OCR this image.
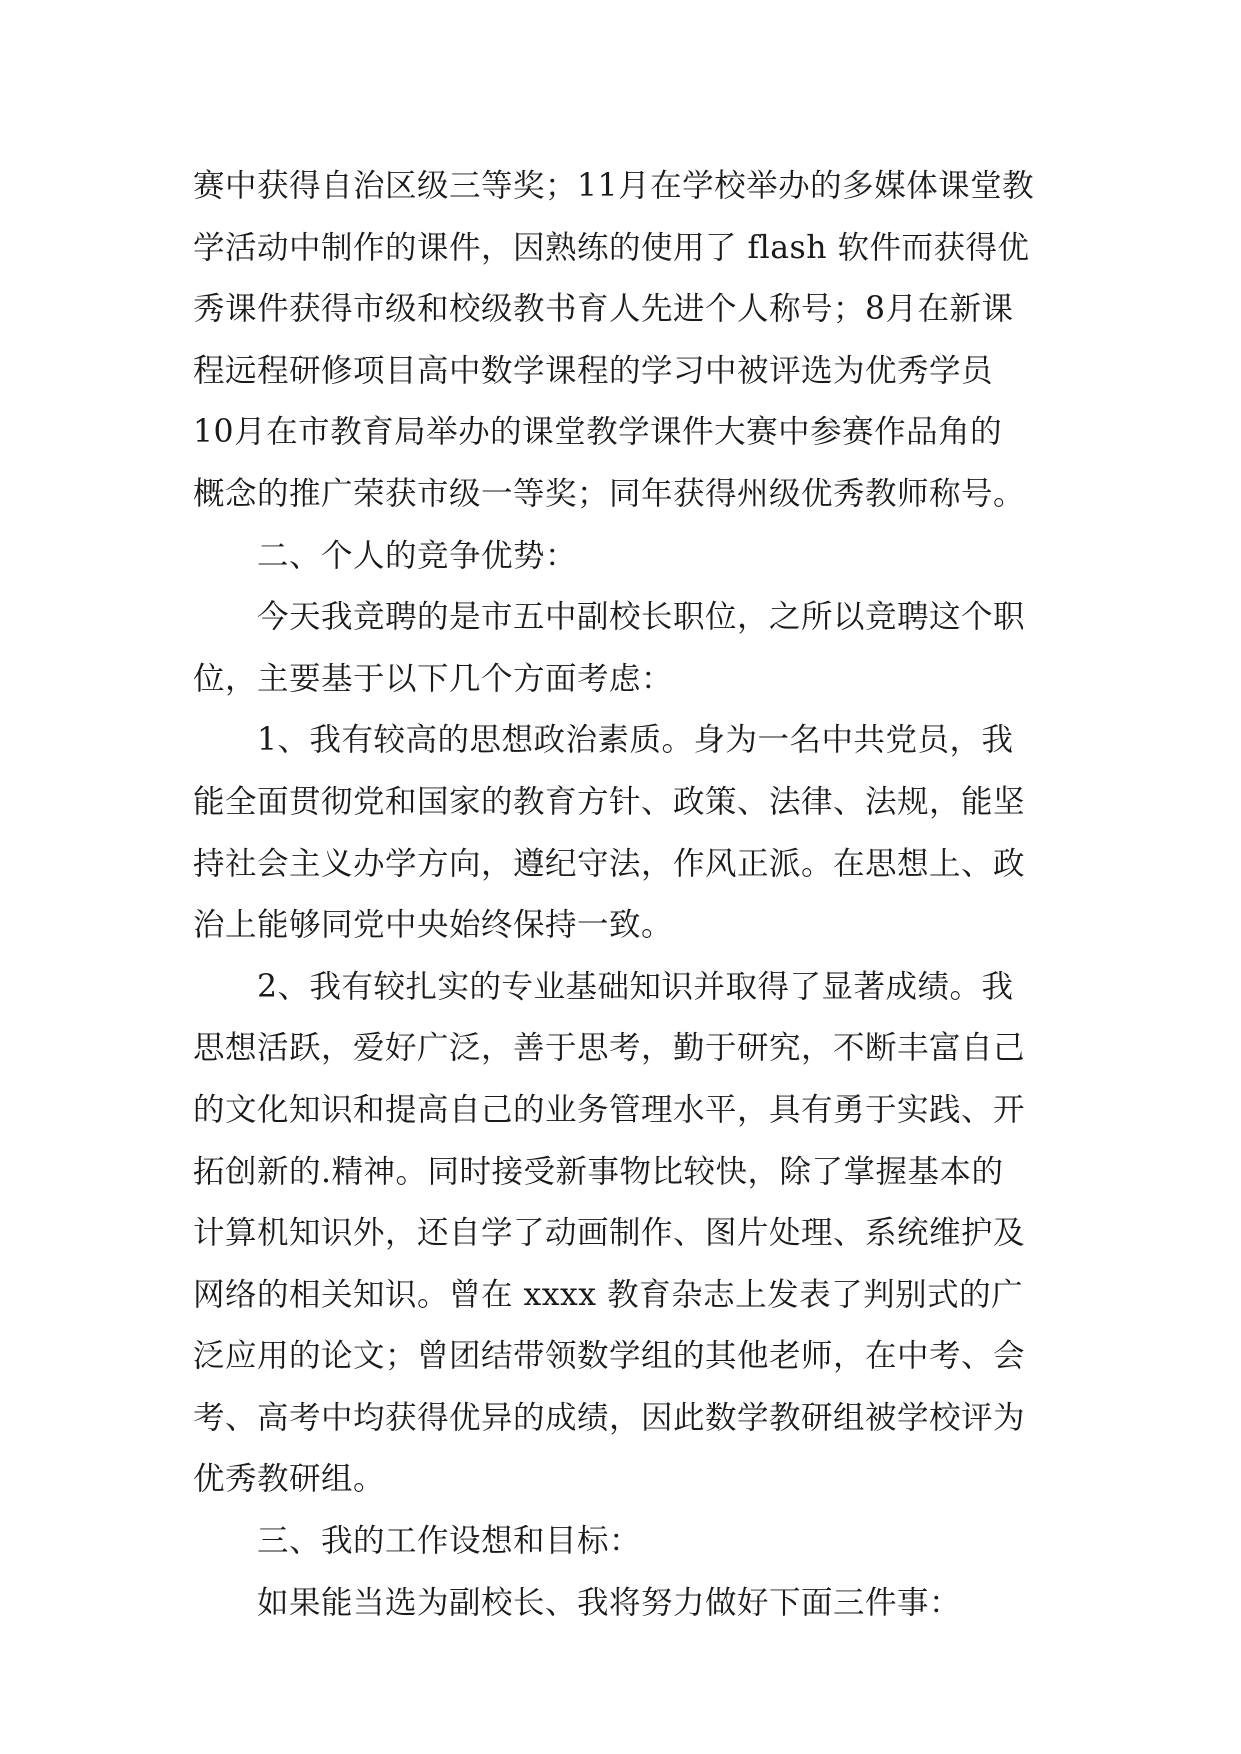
赛中获得自治区级三等奖；11月在学校举办的多媒体课堂教
学活动中制作的课件，因熟练的使用了 flash 软件而获得优
秀课件获得市级和校级教书育人先进个人称号；8月在新课
程远程研修项目高中数学课程的学习中被评选为优秀学员
10月在市教育局举办的课堂教学课件大赛中参赛作品角的
概念的推广荣获市级一等奖；同年获得州级优秀教师称号。
二、个人的竞争优势：
今天我竞聘的是市五中副校长职位，之所以竞聘这个职
位，主要基于以下几个方面考虑：
1、我有较高的思想政治素质。身为一名中共党员，我
能全面贯彻党和国家的教育方针、政策、法律、法规，能坚
持社会主义办学方向，遵纪守法，作风正派。在思想上、政
治上能够同党中央始终保持一致。
2、我有较扎实的专业基础知识并取得了显著成绩。我
思想活跃，爱好广泛，善于思考，勤于研究，不断丰富自己
的文化知识和提高自己的业务管理水平，具有勇于实践、开
拓创新的.精神。同时接受新事物比较快，除了掌握基本的
计算机知识外，还自学了动画制作、图片处理、系统维护及
网络的相关知识。曾在 xxxx 教育杂志上发表了判别式的广
泛应用的论文；曾团结带领数学组的其他老师，在中考、会
考、高考中均获得优异的成绩，因此数学教研组被学校评为
优秀教研组。
三、我的工作设想和目标：
如果能当选为副校长、我将努力做好下面三件事：
